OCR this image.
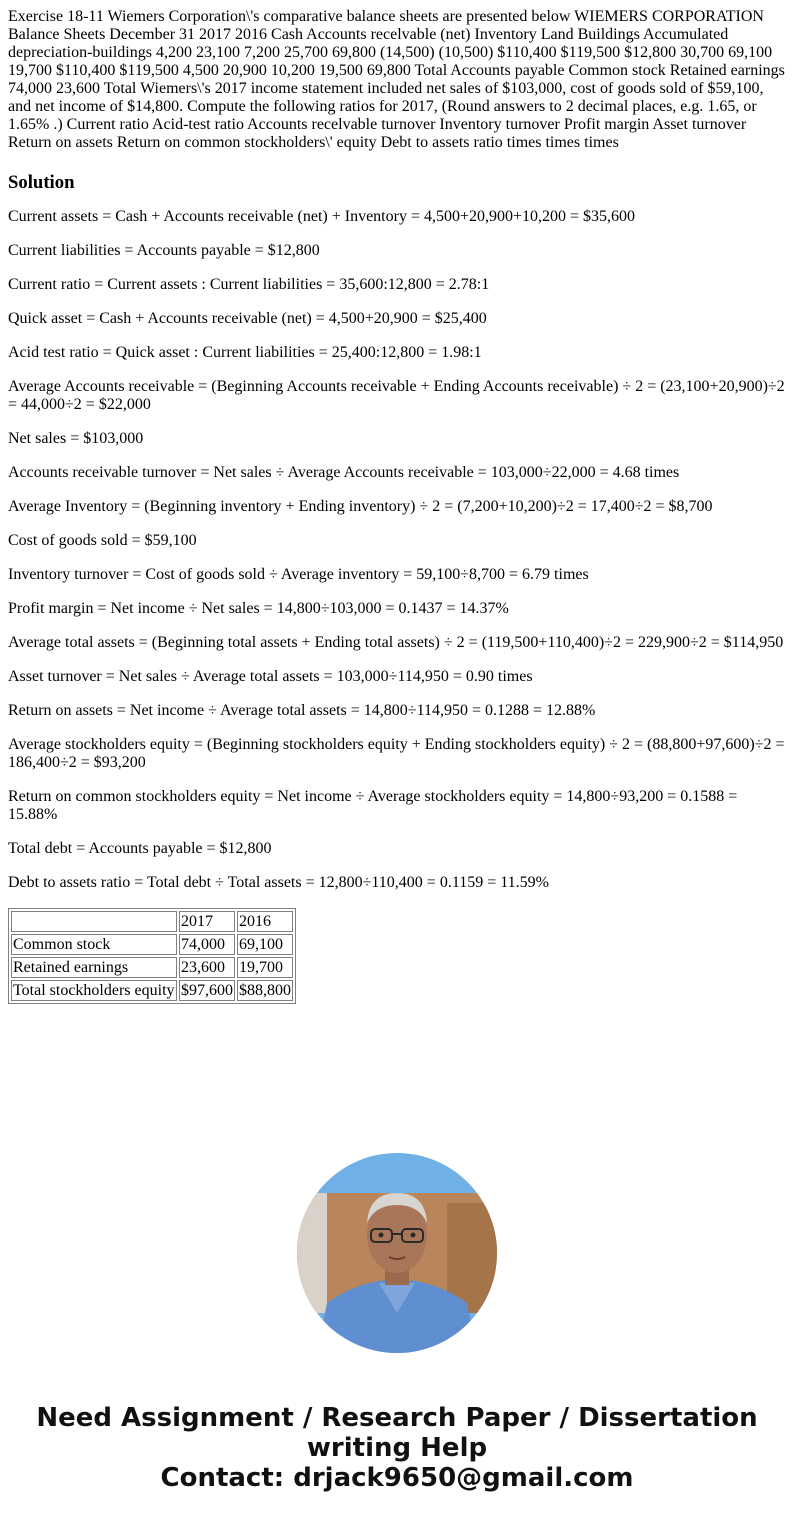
Exercise 18-11 Wiemers Corporation\'s comparative balance sheets are presented below WIEMERS CORPORATION Balance Sheets December 31 2017 2016 Cash Accounts recelvable (net) Inventory Land Buildings Accumulated depreciation-buildings 4,200 23,100 7,200 25,700 69,800 (14,500) (10,500) $110,400 $119,500 $12,800 30,700 69,100 19,700 $110,400 $119,500 4,500 20,900 10,200 19,500 69,800 Total Accounts payable Common stock Retained earnings 74,000 23,600 Total Wiemers\'s 2017 income statement included net sales of $103,000, cost of goods sold of $59,100, and net income of $14,800. Compute the following ratios for 2017, (Round answers to 2 decimal places, e.g. 1.65, or 1.65% .) Current ratio Acid-test ratio Accounts recelvable turnover Inventory turnover Profit margin Asset turnover Return on assets Return on common stockholders\' equity Debt to assets ratio times times times

Solution

Current assets = Cash + Accounts receivable (net) + Inventory = 4,500+20,900+10,200 = $35,600

Current liabilities = Accounts payable = $12,800

Current ratio = Current assets : Current liabilities = 35,600:12,800 = 2.78:1

Quick asset = Cash + Accounts receivable (net) = 4,500+20,900 = $25,400

Acid test ratio = Quick asset : Current liabilities = 25,400:12,800 = 1.98:1

Average Accounts receivable = (Beginning Accounts receivable + Ending Accounts receivable) ÷ 2 = (23,100+20,900)÷2 = 44,000÷2 = $22,000

Net sales = $103,000

Accounts receivable turnover = Net sales ÷ Average Accounts receivable = 103,000÷22,000 = 4.68 times

Average Inventory = (Beginning inventory + Ending inventory) ÷ 2 = (7,200+10,200)÷2 = 17,400÷2 = $8,700

Cost of goods sold = $59,100

Inventory turnover = Cost of goods sold ÷ Average inventory = 59,100÷8,700 = 6.79 times

Profit margin = Net income ÷ Net sales = 14,800÷103,000 = 0.1437 = 14.37%

Average total assets = (Beginning total assets + Ending total assets) ÷ 2 = (119,500+110,400)÷2 = 229,900÷2 = $114,950

Asset turnover = Net sales ÷ Average total assets = 103,000÷114,950 = 0.90 times

Return on assets = Net income ÷ Average total assets = 14,800÷114,950 = 0.1288 = 12.88%

Average stockholders equity = (Beginning stockholders equity + Ending stockholders equity) ÷ 2 = (88,800+97,600)÷2 = 186,400÷2 = $93,200

Return on common stockholders equity = Net income ÷ Average stockholders equity = 14,800÷93,200 = 0.1588 = 15.88%

Total debt = Accounts payable = $12,800

Debt to assets ratio = Total debt ÷ Total assets = 12,800÷110,400 = 0.1159 = 11.59%

	2017	2016
Common stock	74,000	69,100
Retained earnings	23,600	19,700
Total stockholders equity	$97,600	$88,800
Need Assignment / Research Paper / Dissertation
writing Help
Contact: drjack9650@gmail.com
